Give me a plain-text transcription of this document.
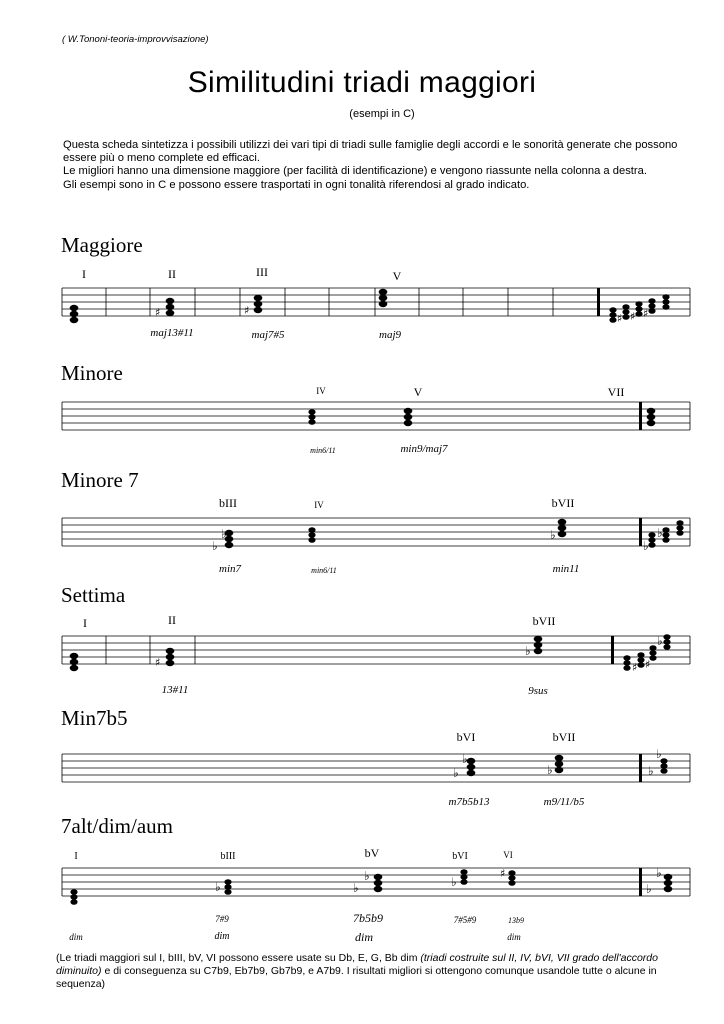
( W.Tononi-teoria-improvvisazione)
Similitudini triadi maggiori
(esempi in C)

Questa scheda sintetizza i possibili utilizzi dei vari tipi di triadi sulle famiglie degli accordi e le sonorità generate che possono essere più o meno complete ed efficaci.

Le migliori hanno una dimensione maggiore (per facilità di identificazione) e vengono riassunte nella colonna a destra.

Gli esempi sono in C e possono essere trasportati in ogni tonalità riferendosi al grado indicato.

Maggiore
I	II	III	V
♯	♯
♯ ♯ ♯
maj13#11	maj7#5	maj9
Minore
IV	V	VII
min6/11	min9/maj7
Minore 7
bIII	IV	bVII
♭
♭	♭
♭
♭
min7	min6/11	min11
Settima
I	II	bVII
♯	♯ ♯
♭
♭
13#11	9sus
Min7b5
bVI	bVII
♭
♭
♭	♭
♭
m7b5b13	m9/11/b5
7alt/dim/aum
I	bIII	bV	bVI	VI
♭	♭
♭	♭
♯
♭
♭
dim
7#9
dim
7b5b9
dim
7#5#9	13b9
dim
(Le triadi maggiori sul I, bIII, bV, VI possono essere usate su Db, E, G, Bb dim (triadi costruite sul II, IV, bVI, VII grado dell'accordo diminuito) e di conseguenza su C7b9, Eb7b9, Gb7b9, e A7b9. I risultati migliori si ottengono comunque usandole tutte o alcune in sequenza)
